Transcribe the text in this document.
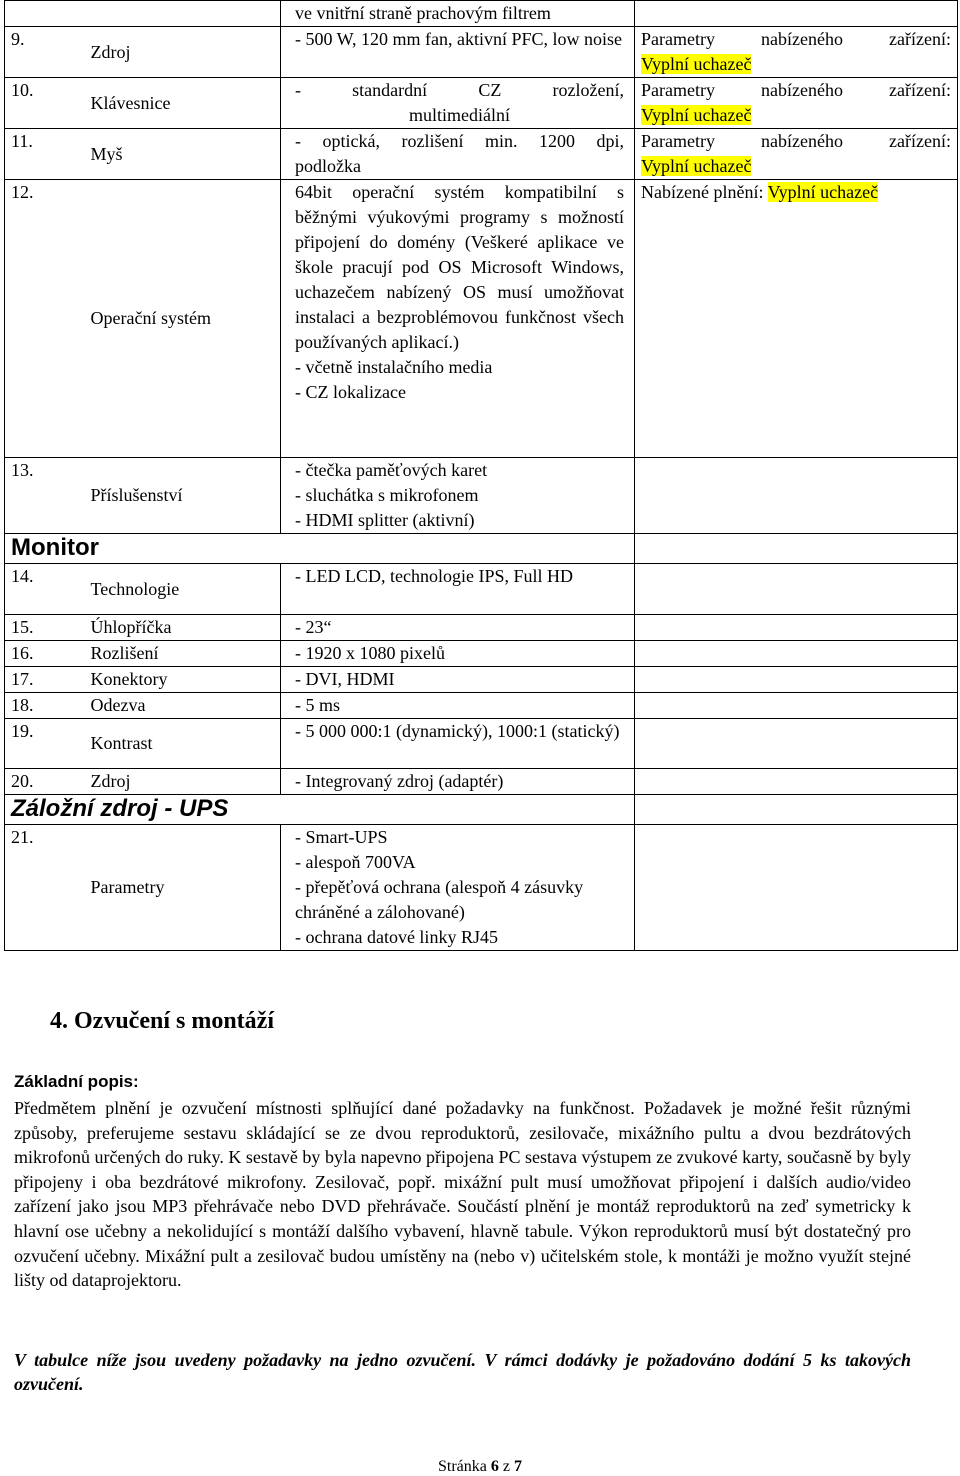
		ve vnitřní straně prachovým filtrem	
9.	Zdroj	- 500 W, 120 mm fan, aktivní PFC, low noise	Parametry nabízeného zařízení:
Vyplní uchazeč
10.	Klávesnice	- standardní CZ rozložení,
multimediální	Parametry nabízeného zařízení:
Vyplní uchazeč
11.	Myš	- optická, rozlišení min. 1200 dpi,
podložka	Parametry nabízeného zařízení:
Vyplní uchazeč
12.	Operační systém	64bit operační systém kompatibilní s běžnými výukovými programy s možností připojení do domény (Veškeré aplikace ve škole pracují pod OS Microsoft Windows, uchazečem nabízený OS musí umožňovat instalaci a bezproblémovou funkčnost všech používaných aplikací.)
- včetně instalačního media
- CZ lokalizace	Nabízené plnění: Vyplní uchazeč
13.	Příslušenství	- čtečka paměťových karet
- sluchátka s mikrofonem
- HDMI splitter (aktivní)	

Monitor			
14.	Technologie	- LED LCD, technologie IPS, Full HD	
15.	Úhlopříčka	- 23“	
16.	Rozlišení	- 1920 x 1080 pixelů	
17.	Konektory	- DVI, HDMI	
18.	Odezva	- 5 ms	
19.	Kontrast	- 5 000 000:1 (dynamický), 1000:1 (statický)	
20.	Zdroj	- Integrovaný zdroj (adaptér)	
Záložní zdroj - UPS			
21.	Parametry	- Smart-UPS
- alespoň 700VA
- přepěťová ochrana (alespoň 4 zásuvky chráněné a zálohované)
- ochrana datové linky RJ45	

4. Ozvučení s montáží

Základní popis:

Předmětem plnění je ozvučení místnosti splňující dané požadavky na funkčnost. Požadavek je možné řešit různými způsoby, preferujeme sestavu skládající se ze dvou reproduktorů, zesilovače, mixážního pultu a dvou bezdrátových mikrofonů určených do ruky. K sestavě by byla napevno připojena PC sestava výstupem ze zvukové karty, současně by byly připojeny i oba bezdrátové mikrofony. Zesilovač, popř. mixážní pult musí umožňovat připojení i dalších audio/video zařízení jako jsou MP3 přehrávače nebo DVD přehrávače. Součástí plnění je montáž reproduktorů na zeď symetricky k hlavní ose učebny a nekolidující s montáží dalšího vybavení, hlavně tabule. Výkon reproduktorů musí být dostatečný pro ozvučení učebny. Mixážní pult a zesilovač budou umístěny na (nebo v) učitelském stole, k montáži je možno využít stejné lišty od dataprojektoru.

V tabulce níže jsou uvedeny požadavky na jedno ozvučení. V rámci dodávky je požadováno dodání 5 ks takových ozvučení.

Stránka 6 z 7
